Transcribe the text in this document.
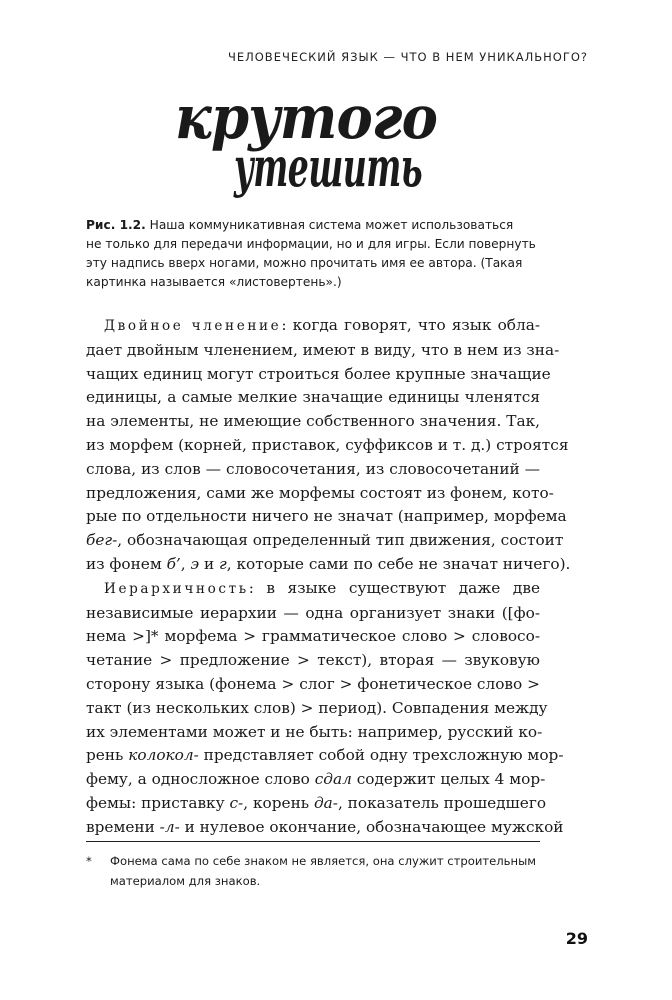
ЧЕЛОВЕЧЕСКИЙ ЯЗЫК — ЧТО В НЕМ УНИКАЛЬНОГО?
крутого
утешить
Рис. 1.2. Наша коммуникативная система может использоваться
не только для передачи информации, но и для игры. Если повернуть
эту надпись вверх ногами, можно прочитать имя ее автора. (Такая
картинка называется «листовертень».)
Двойное членение: когда говорят, что язык обла-
дает двойным членением, имеют в виду, что в нем из зна-
чащих единиц могут строиться более крупные значащие
единицы, а самые мелкие значащие единицы членятся
на элементы, не имеющие собственного значения. Так,
из морфем (корней, приставок, суффиксов и т. д.) строятся
слова, из слов — словосочетания, из словосочетаний —
предложения, сами же морфемы состоят из фонем, кото-
рые по отдельности ничего не значат (например, морфема
бег-, обозначающая определенный тип движения, состоит
из фонем б’, э и г, которые сами по себе не значат ничего).
Иерархичность: в языке существуют даже две
независимые иерархии — одна организует знаки ([фо-
нема >]* морфема > грамматическое слово > словосо-
четание > предложение > текст), вторая — звуковую
сторону языка (фонема > слог > фонетическое слово >
такт (из нескольких слов) > период). Совпадения между
их элементами может и не быть: например, русский ко-
рень колокол- представляет собой одну трехсложную мор-
фему, а односложное слово сдал содержит целых 4 мор-
фемы: приставку с-, корень да-, показатель прошедшего
времени -л- и нулевое окончание, обозначающее мужской
* Фонема сама по себе знаком не является, она служит строительным
материалом для знаков.
29
